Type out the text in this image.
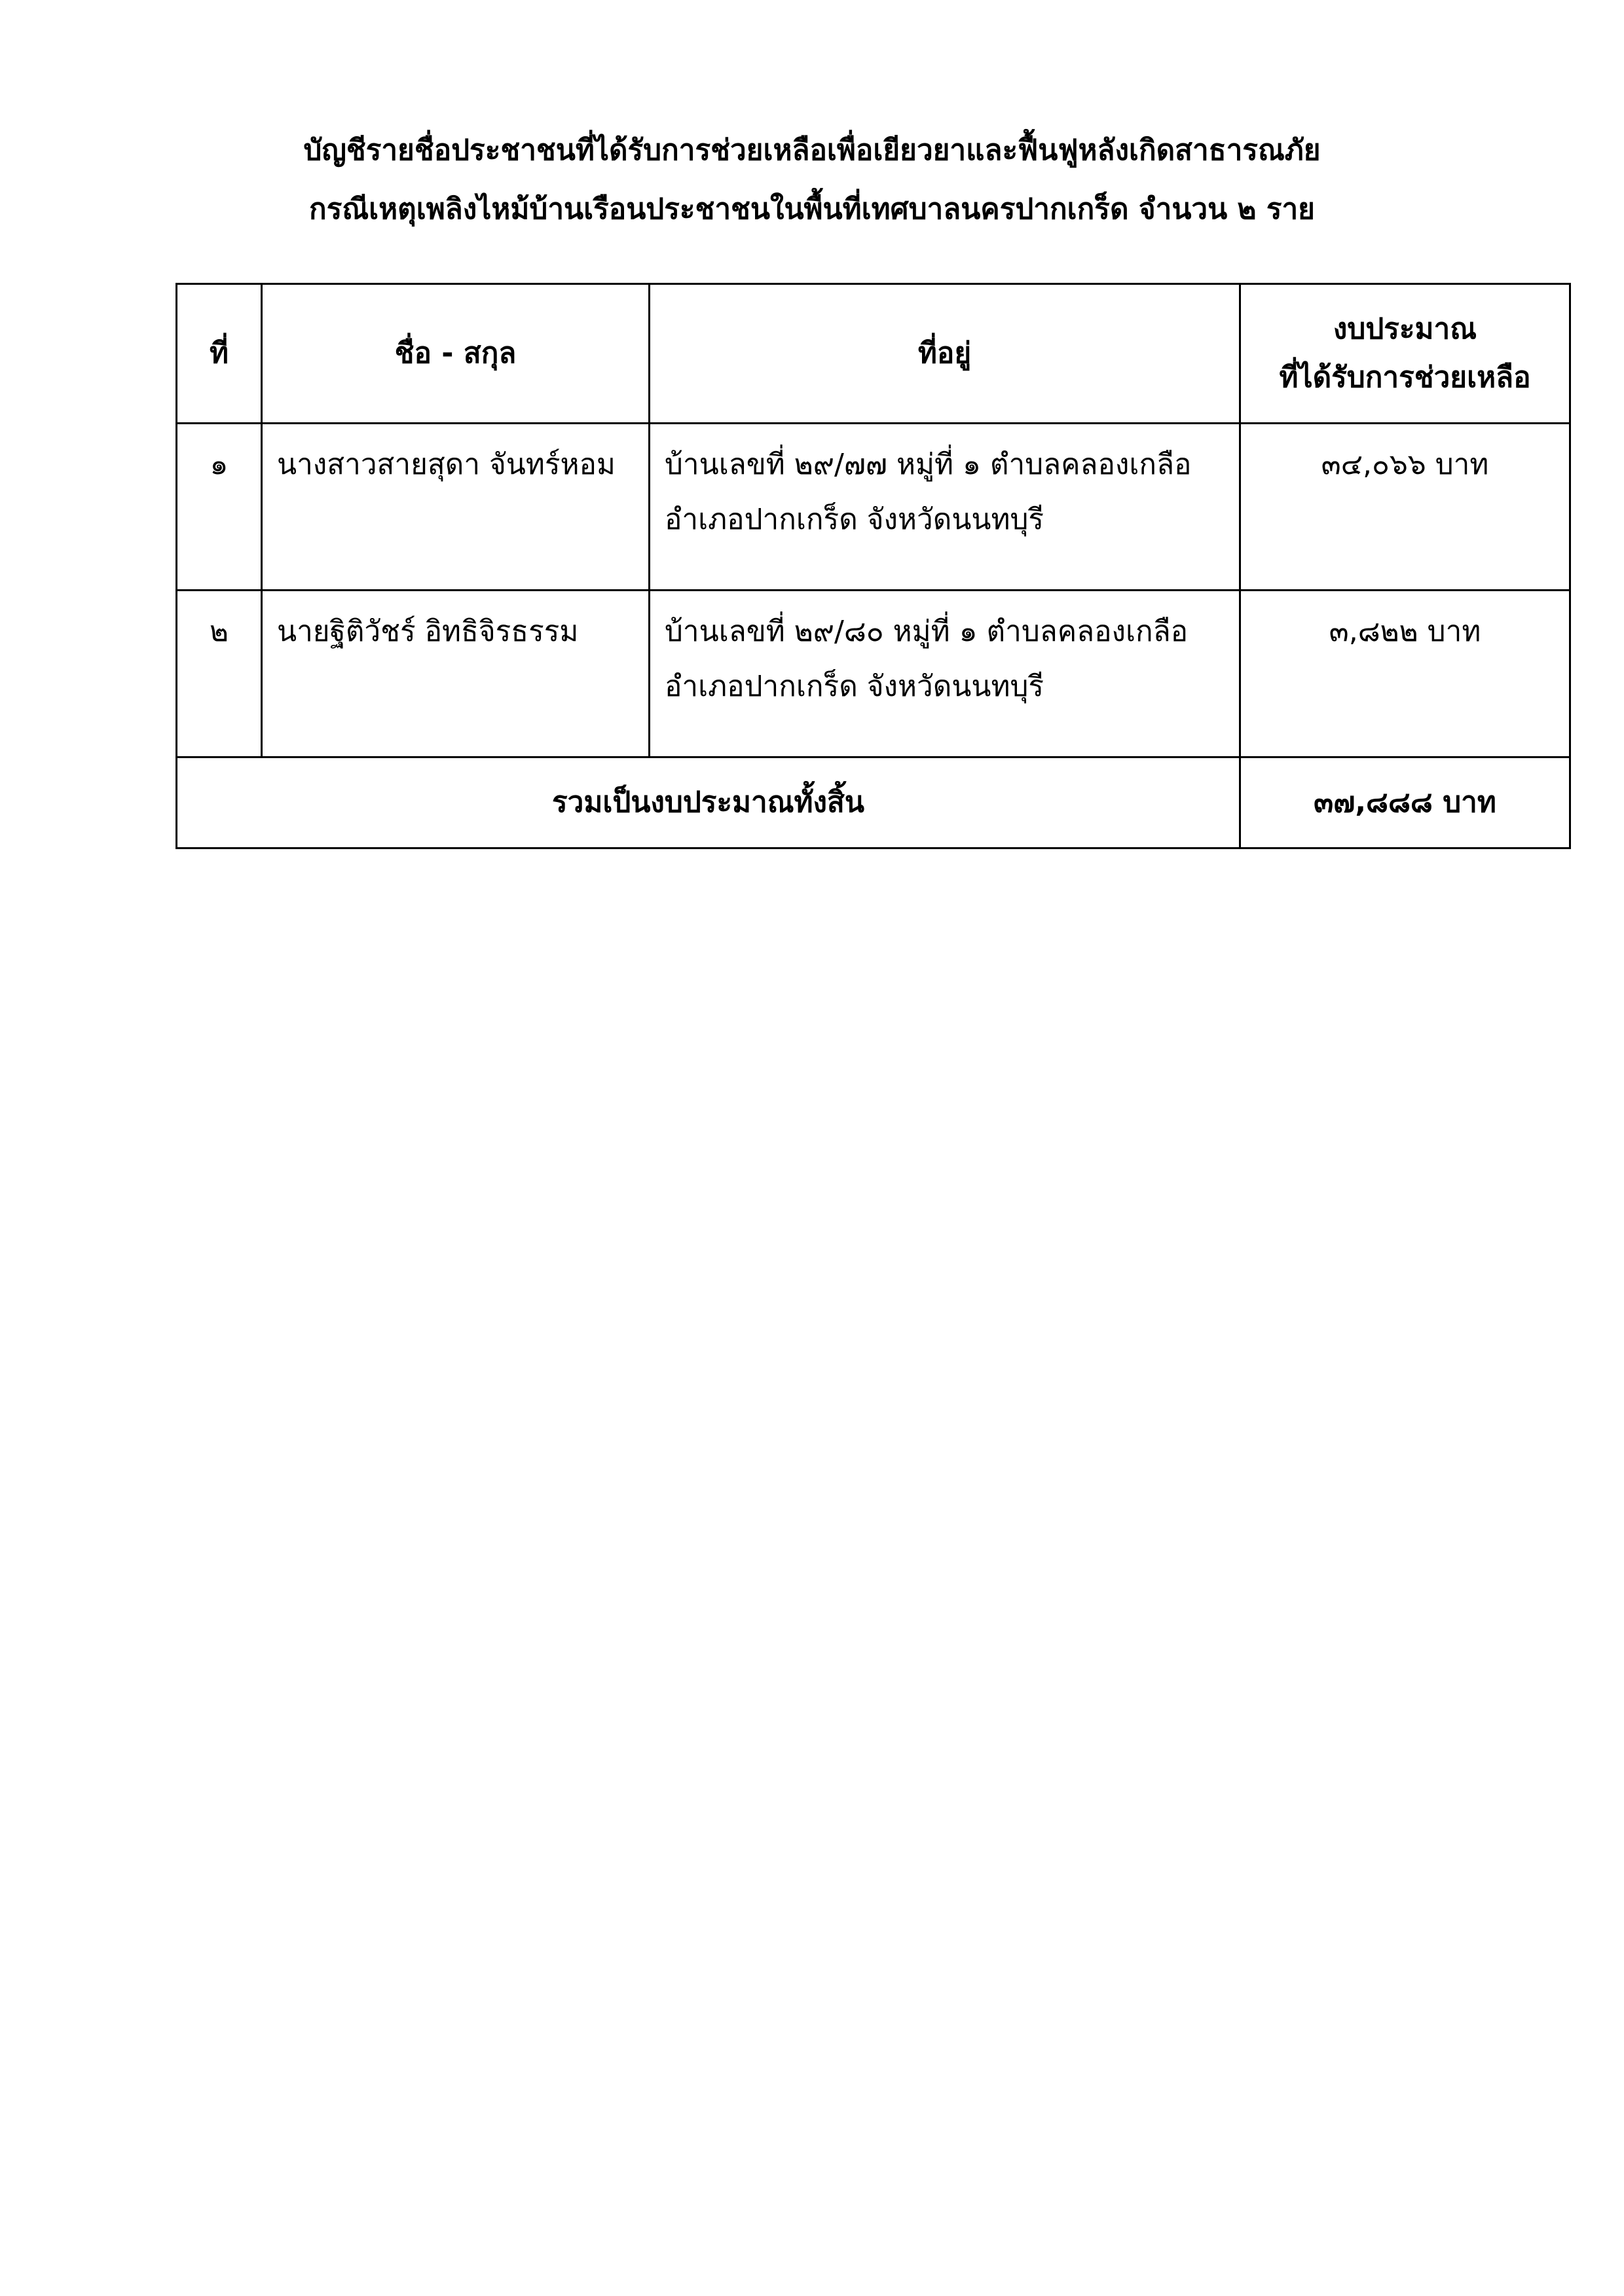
บัญชีรายชื่อประชาชนที่ได้รับการช่วยเหลือเพื่อเยียวยาและฟื้นฟูหลังเกิดสาธารณภัย
กรณีเหตุเพลิงไหม้บ้านเรือนประชาชนในพื้นที่เทศบาลนครปากเกร็ด จำนวน ๒ ราย
ที่	ชื่อ - สกุล	ที่อยู่	งบประมาณ
ที่ได้รับการช่วยเหลือ

๑	นางสาวสายสุดา จันทร์หอม	บ้านเลขที่ ๒๙/๗๗ หมู่ที่ ๑ ตำบลคลองเกลือ
อำเภอปากเกร็ด จังหวัดนนทบุรี	๓๔,๐๖๖ บาท
๒	นายฐิติวัชร์ อิทธิจิรธรรม	บ้านเลขที่ ๒๙/๘๐ หมู่ที่ ๑ ตำบลคลองเกลือ
อำเภอปากเกร็ด จังหวัดนนทบุรี	๓,๘๒๒ บาท
รวมเป็นงบประมาณทั้งสิ้น			๓๗,๘๘๘ บาท
